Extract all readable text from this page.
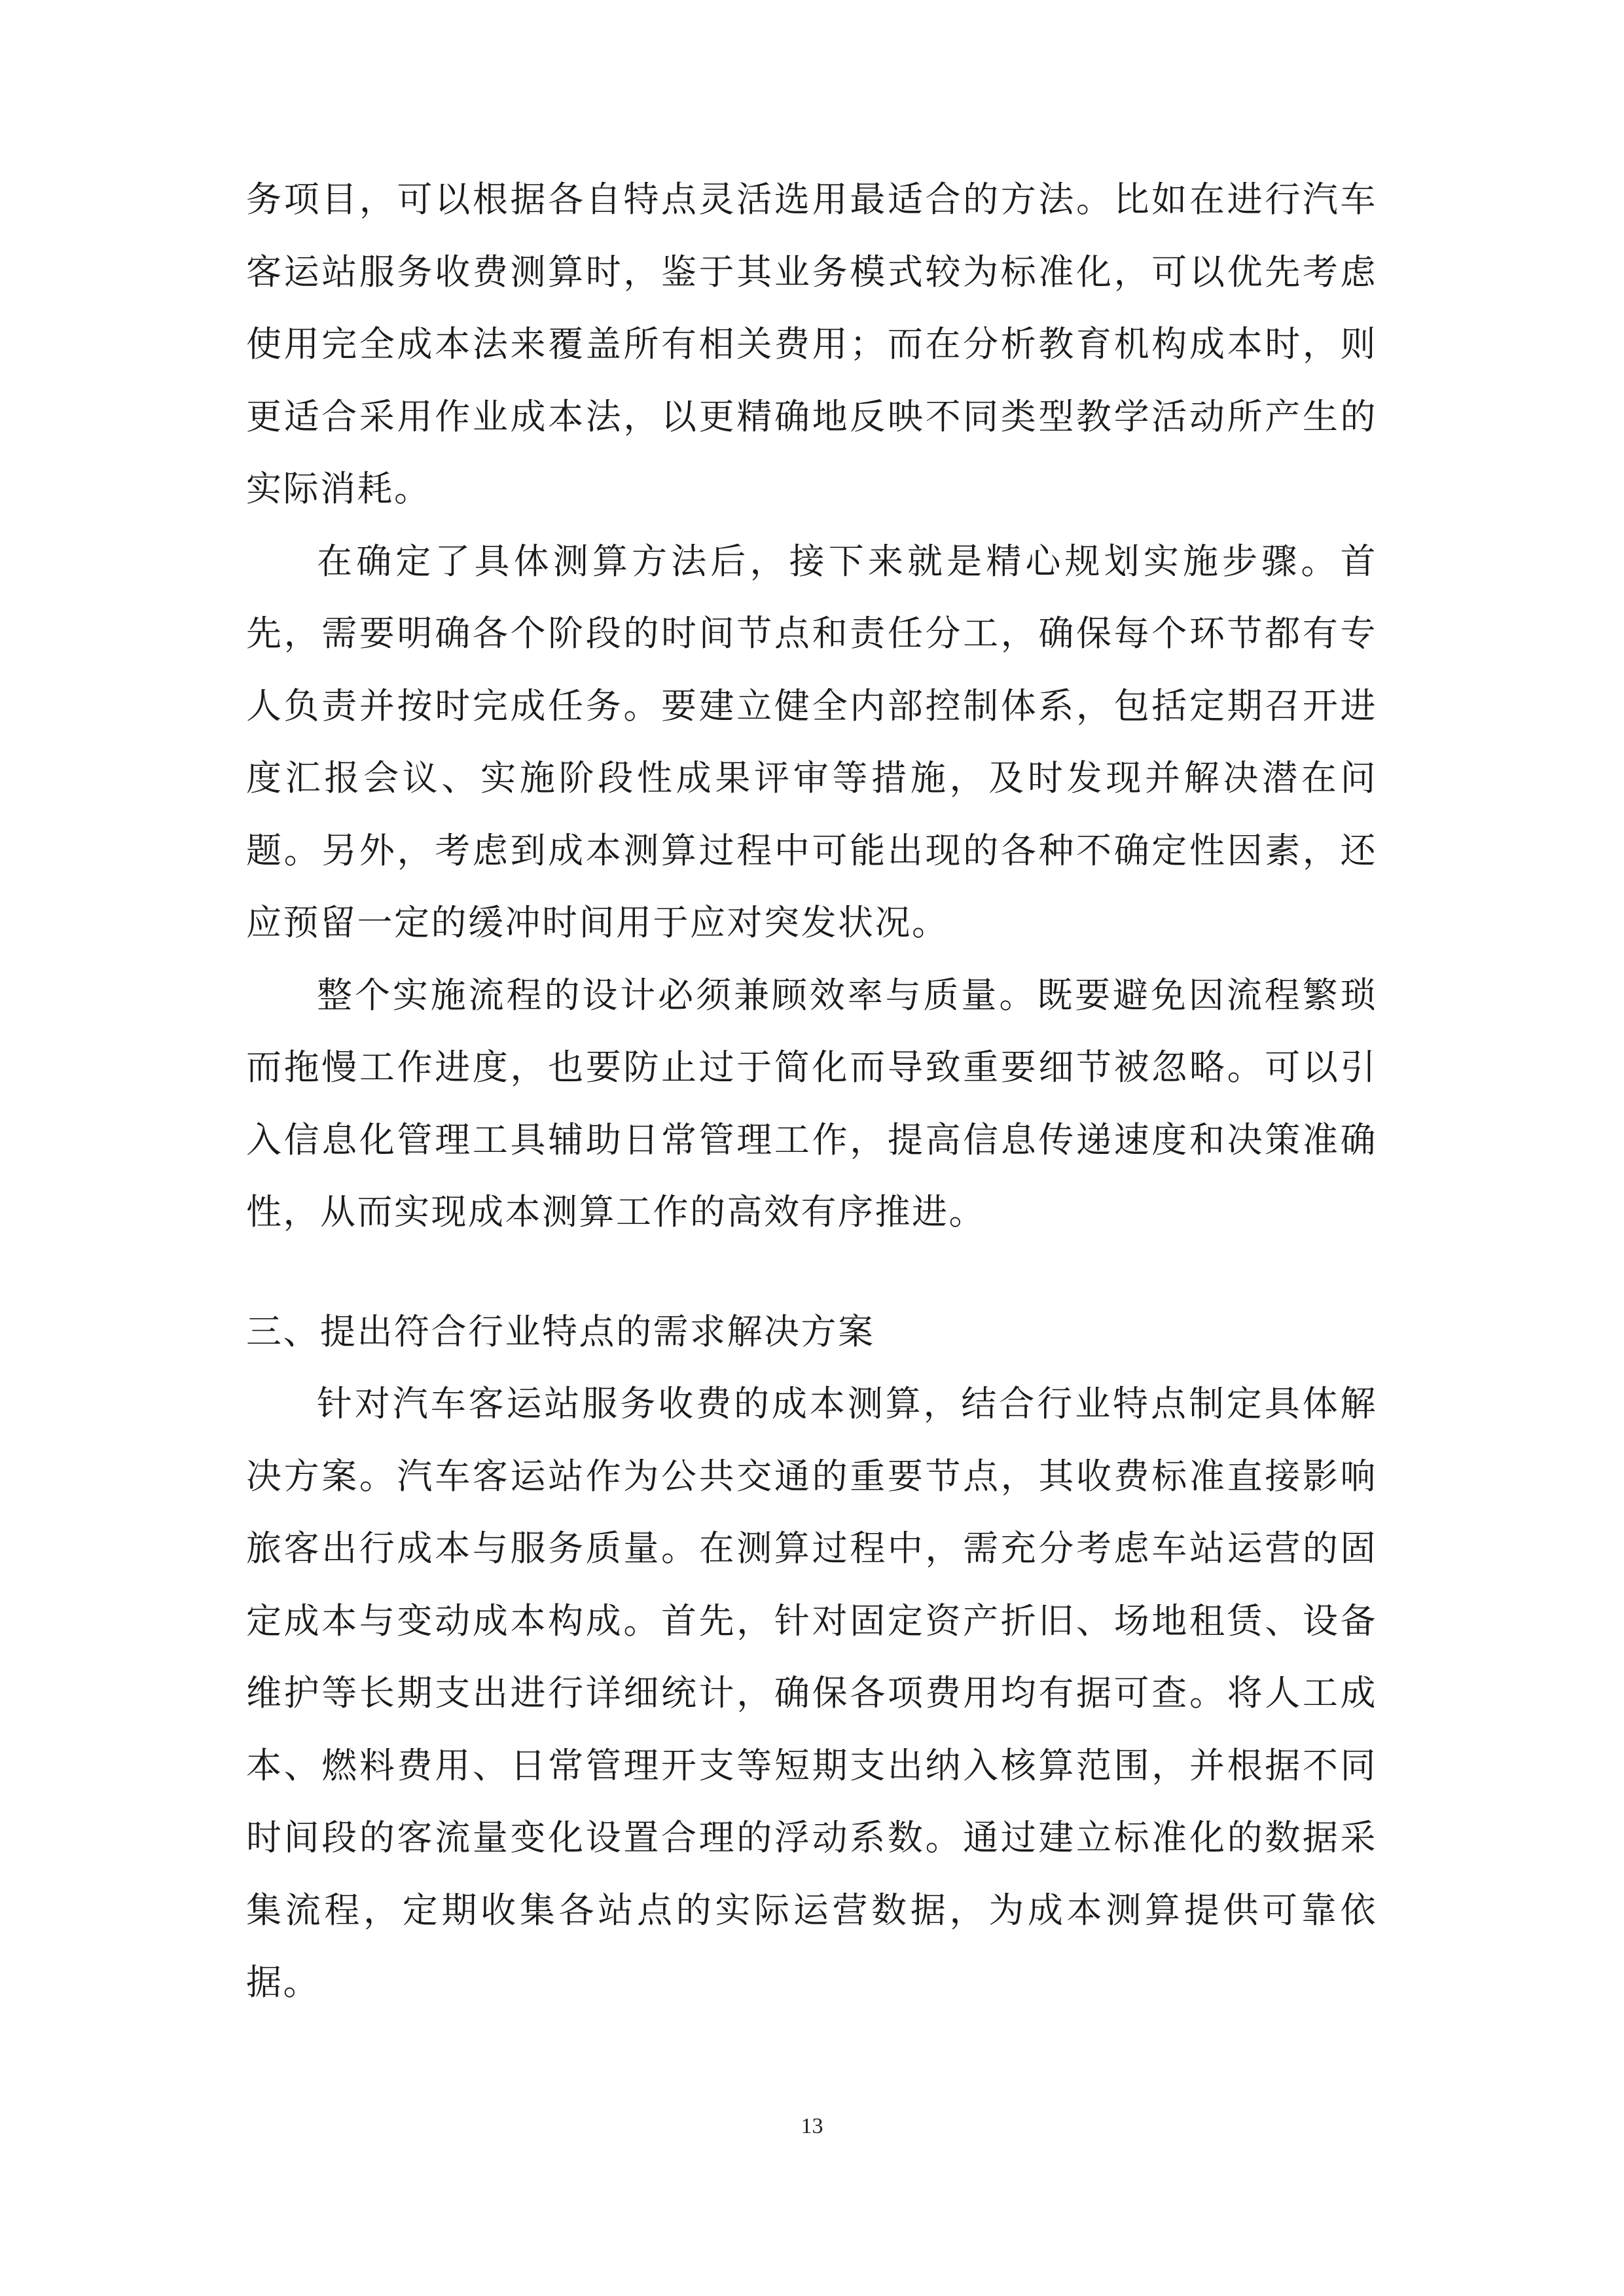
务项目，可以根据各自特点灵活选用最适合的方法。比如在进行汽车客运站服务收费测算时，鉴于其业务模式较为标准化，可以优先考虑使用完全成本法来覆盖所有相关费用；而在分析教育机构成本时，则更适合采用作业成本法，以更精确地反映不同类型教学活动所产生的实际消耗。

在确定了具体测算方法后，接下来就是精心规划实施步骤。首先，需要明确各个阶段的时间节点和责任分工，确保每个环节都有专人负责并按时完成任务。要建立健全内部控制体系，包括定期召开进度汇报会议、实施阶段性成果评审等措施，及时发现并解决潜在问题。另外，考虑到成本测算过程中可能出现的各种不确定性因素，还应预留一定的缓冲时间用于应对突发状况。

整个实施流程的设计必须兼顾效率与质量。既要避免因流程繁琐而拖慢工作进度，也要防止过于简化而导致重要细节被忽略。可以引入信息化管理工具辅助日常管理工作，提高信息传递速度和决策准确性，从而实现成本测算工作的高效有序推进。

三、提出符合行业特点的需求解决方案

针对汽车客运站服务收费的成本测算，结合行业特点制定具体解决方案。汽车客运站作为公共交通的重要节点，其收费标准直接影响旅客出行成本与服务质量。在测算过程中，需充分考虑车站运营的固定成本与变动成本构成。首先，针对固定资产折旧、场地租赁、设备维护等长期支出进行详细统计，确保各项费用均有据可查。将人工成本、燃料费用、日常管理开支等短期支出纳入核算范围，并根据不同时间段的客流量变化设置合理的浮动系数。通过建立标准化的数据采集流程，定期收集各站点的实际运营数据，为成本测算提供可靠依据。

13
